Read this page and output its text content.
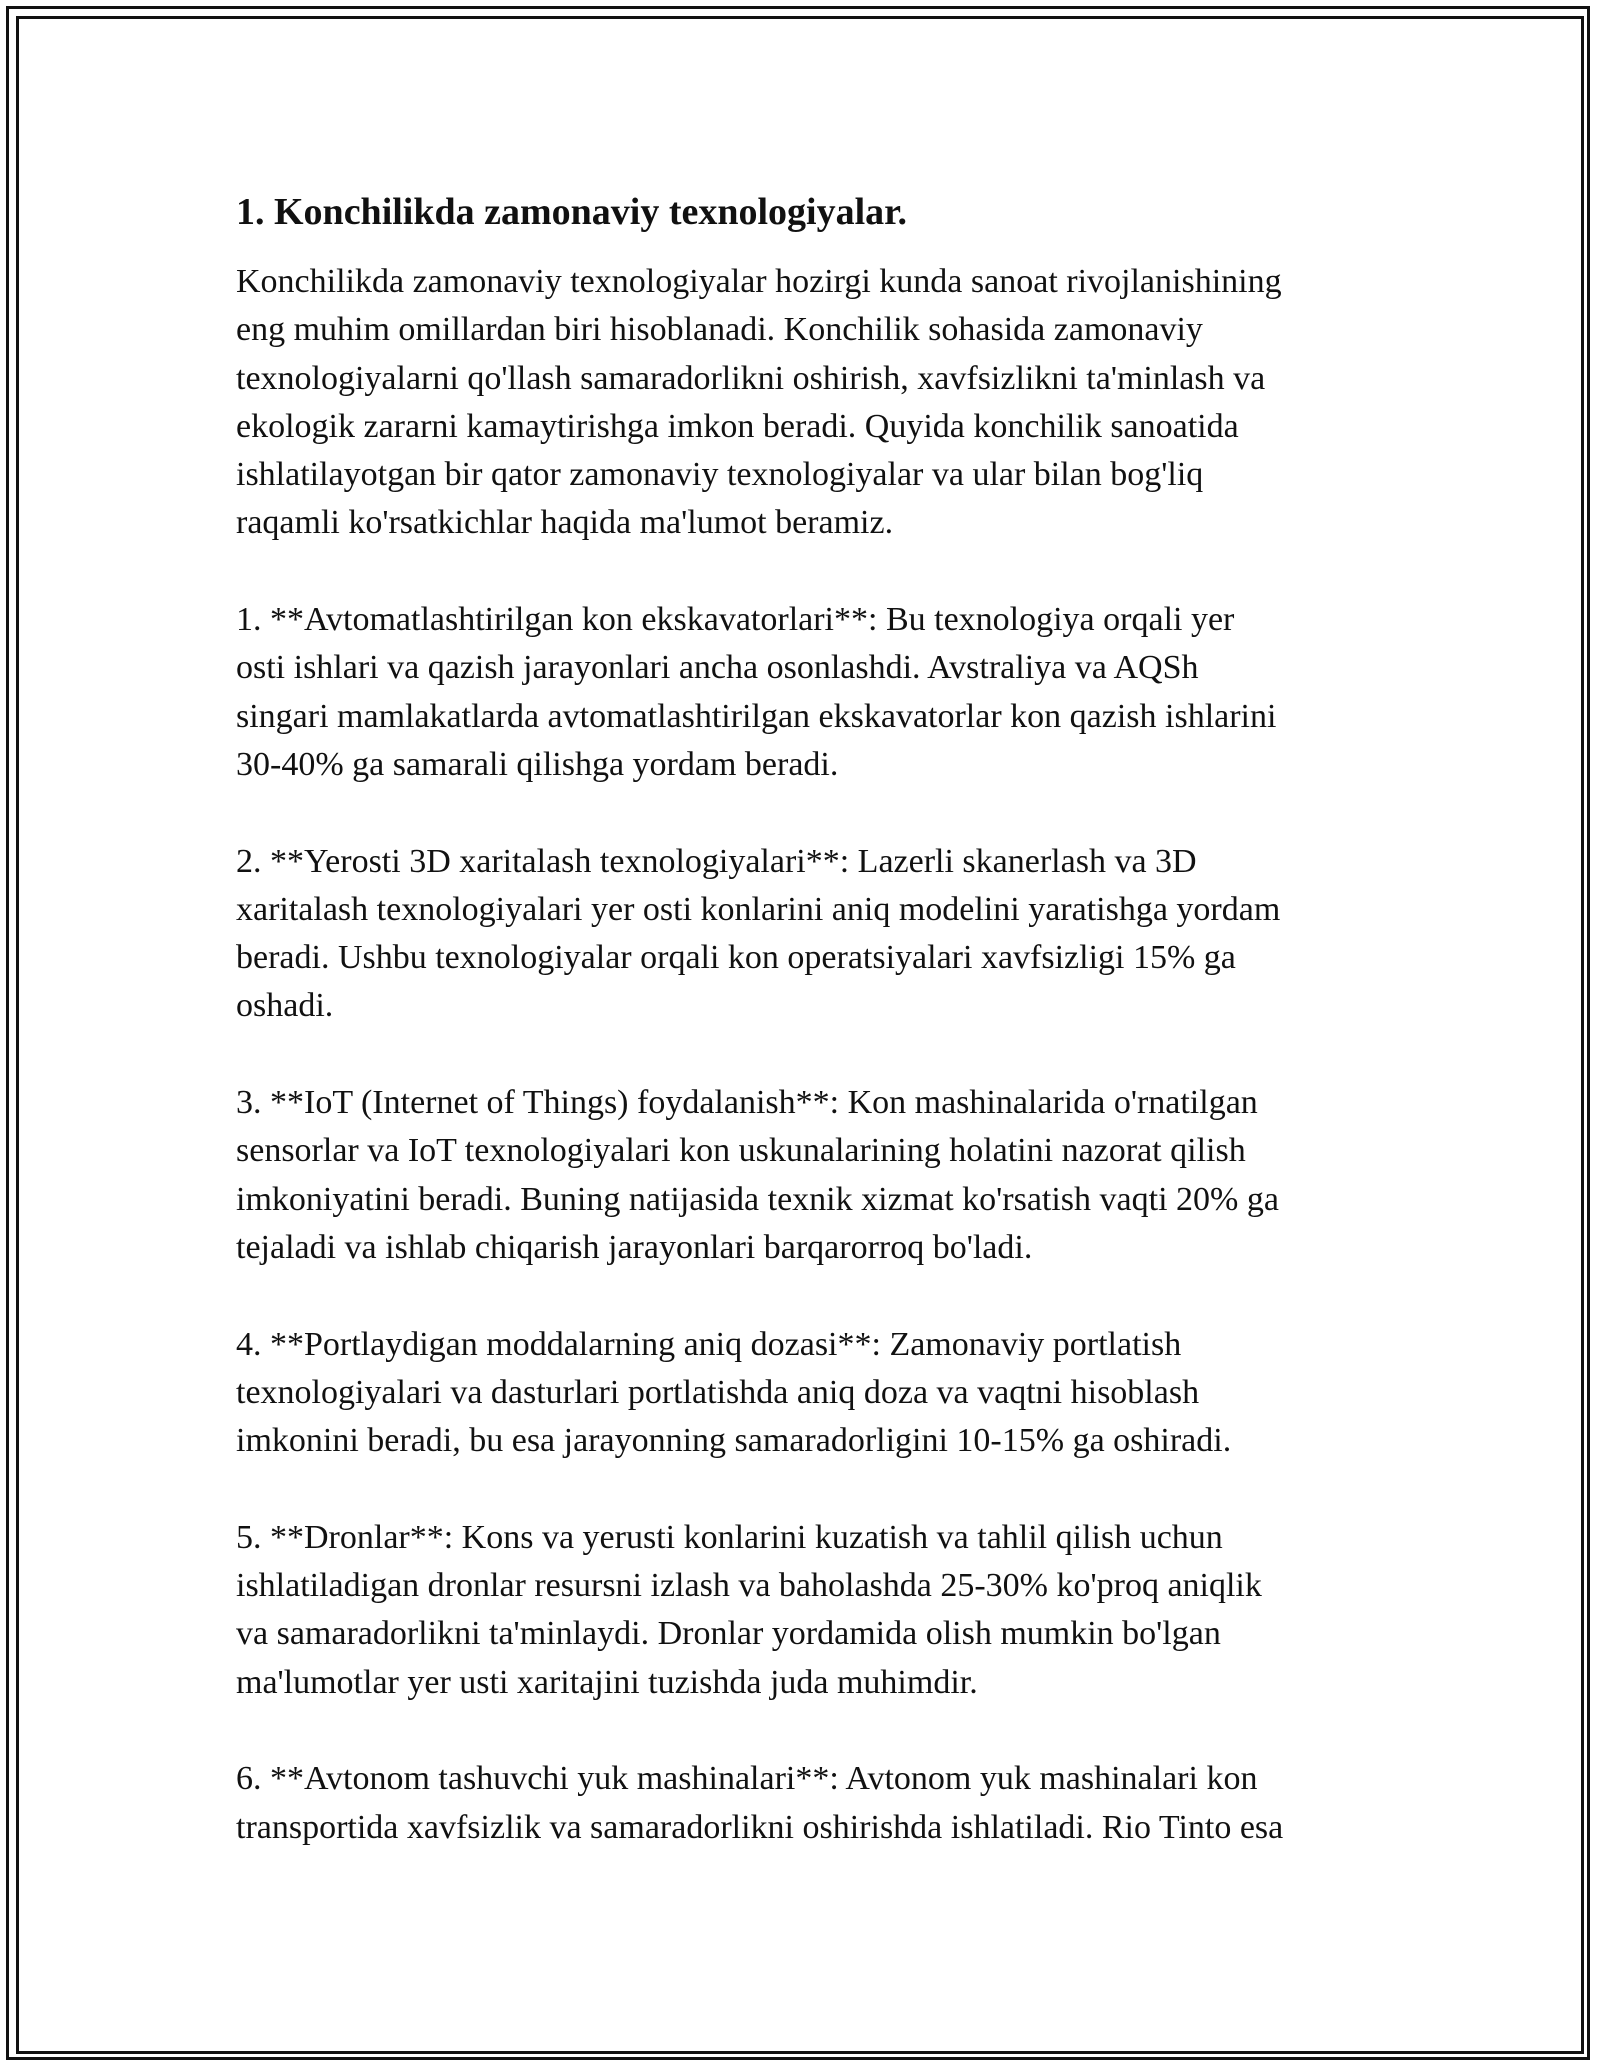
1. Konchilikda zamonaviy texnologiyalar.
Konchilikda zamonaviy texnologiyalar hozirgi kunda sanoat rivojlanishining
eng muhim omillardan biri hisoblanadi. Konchilik sohasida zamonaviy
texnologiyalarni qo'llash samaradorlikni oshirish, xavfsizlikni ta'minlash va
ekologik zararni kamaytirishga imkon beradi. Quyida konchilik sanoatida
ishlatilayotgan bir qator zamonaviy texnologiyalar va ular bilan bog'liq
raqamli ko'rsatkichlar haqida ma'lumot beramiz.
1. **Avtomatlashtirilgan kon ekskavatorlari**: Bu texnologiya orqali yer
osti ishlari va qazish jarayonlari ancha osonlashdi. Avstraliya va AQSh
singari mamlakatlarda avtomatlashtirilgan ekskavatorlar kon qazish ishlarini
30-40% ga samarali qilishga yordam beradi.
2. **Yerosti 3D xaritalash texnologiyalari**: Lazerli skanerlash va 3D
xaritalash texnologiyalari yer osti konlarini aniq modelini yaratishga yordam
beradi. Ushbu texnologiyalar orqali kon operatsiyalari xavfsizligi 15% ga
oshadi.
3. **IoT (Internet of Things) foydalanish**: Kon mashinalarida o'rnatilgan
sensorlar va IoT texnologiyalari kon uskunalarining holatini nazorat qilish
imkoniyatini beradi. Buning natijasida texnik xizmat ko'rsatish vaqti 20% ga
tejaladi va ishlab chiqarish jarayonlari barqarorroq bo'ladi.
4. **Portlaydigan moddalarning aniq dozasi**: Zamonaviy portlatish
texnologiyalari va dasturlari portlatishda aniq doza va vaqtni hisoblash
imkonini beradi, bu esa jarayonning samaradorligini 10-15% ga oshiradi.
5. **Dronlar**: Kons va yerusti konlarini kuzatish va tahlil qilish uchun
ishlatiladigan dronlar resursni izlash va baholashda 25-30% ko'proq aniqlik
va samaradorlikni ta'minlaydi. Dronlar yordamida olish mumkin bo'lgan
ma'lumotlar yer usti xaritajini tuzishda juda muhimdir.
6. **Avtonom tashuvchi yuk mashinalari**: Avtonom yuk mashinalari kon
transportida xavfsizlik va samaradorlikni oshirishda ishlatiladi. Rio Tinto esa
